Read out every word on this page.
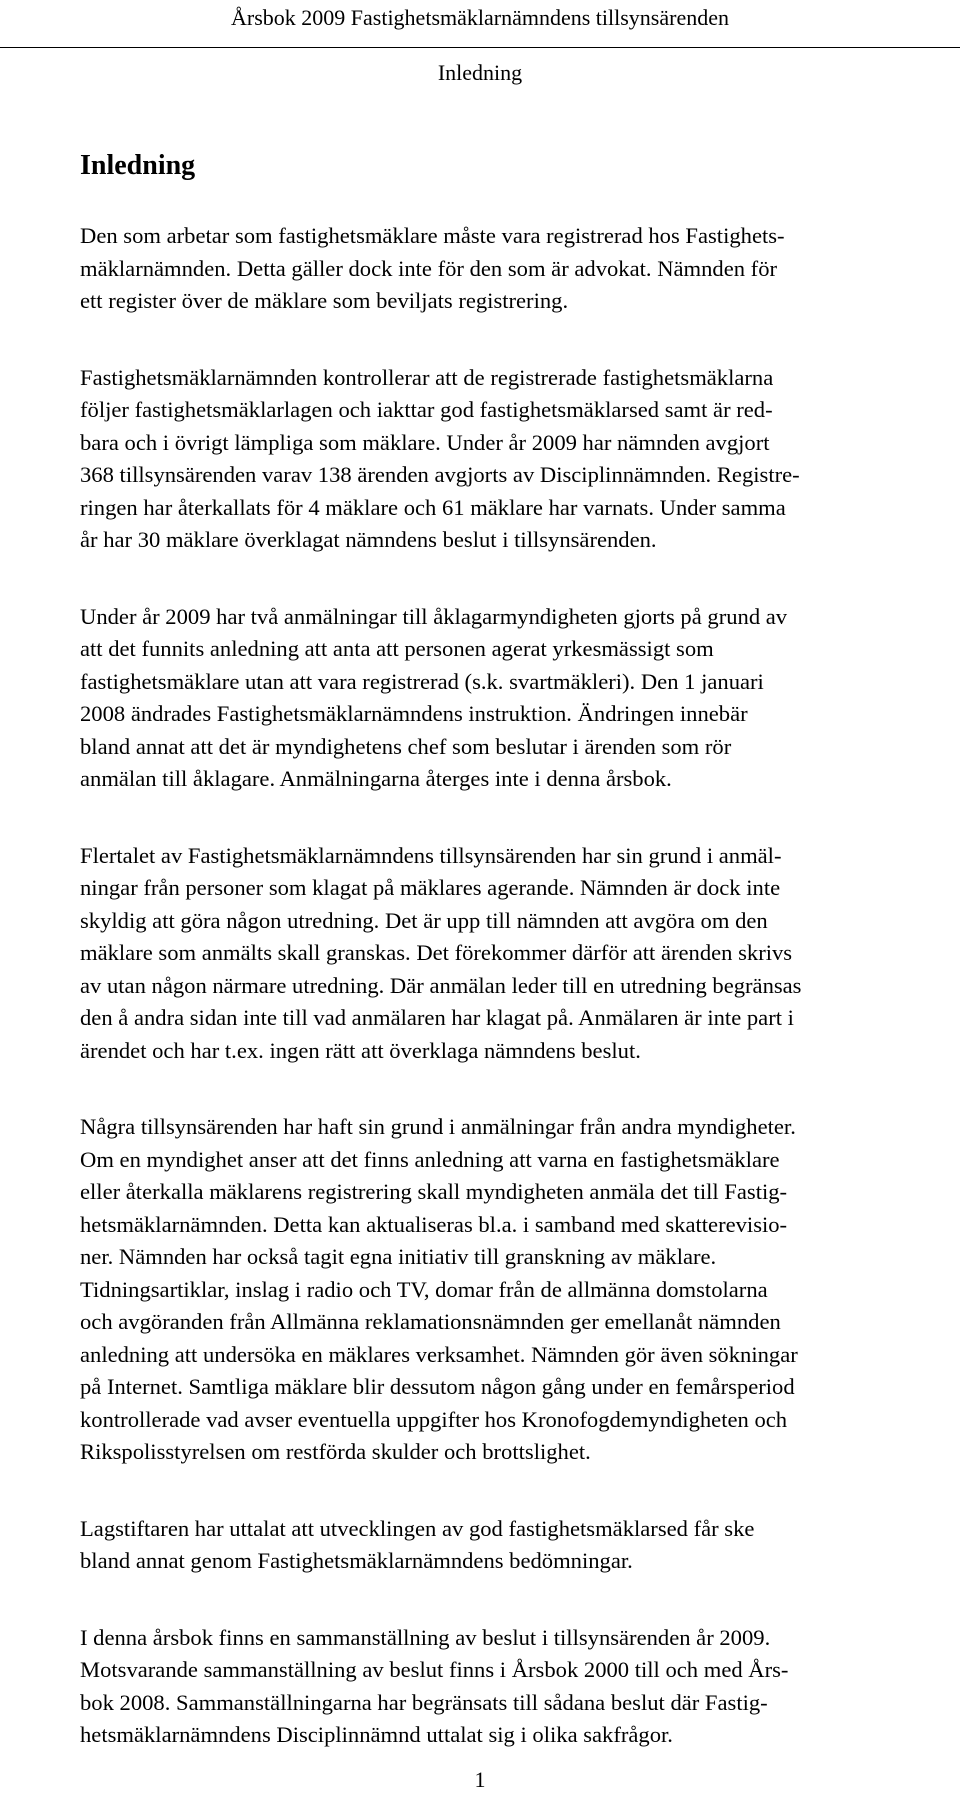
Årsbok 2009 Fastighetsmäklarnämndens tillsynsärenden
Inledning
Inledning

Den som arbetar som fastighetsmäklare måste vara registrerad hos Fastighets-
mäklarnämnden. Detta gäller dock inte för den som är advokat. Nämnden för
ett register över de mäklare som beviljats registrering.

Fastighetsmäklarnämnden kontrollerar att de registrerade fastighetsmäklarna
följer fastighetsmäklarlagen och iakttar god fastighetsmäklarsed samt är red-
bara och i övrigt lämpliga som mäklare. Under år 2009 har nämnden avgjort
368 tillsynsärenden varav 138 ärenden avgjorts av Disciplinnämnden. Registre-
ringen har återkallats för 4 mäklare och 61 mäklare har varnats. Under samma
år har 30 mäklare överklagat nämndens beslut i tillsynsärenden.

Under år 2009 har två anmälningar till åklagarmyndigheten gjorts på grund av
att det funnits anledning att anta att personen agerat yrkesmässigt som
fastighetsmäklare utan att vara registrerad (s.k. svartmäkleri). Den 1 januari
2008 ändrades Fastighetsmäklarnämndens instruktion. Ändringen innebär
bland annat att det är myndighetens chef som beslutar i ärenden som rör
anmälan till åklagare. Anmälningarna återges inte i denna årsbok.

Flertalet av Fastighetsmäklarnämndens tillsynsärenden har sin grund i anmäl-
ningar från personer som klagat på mäklares agerande. Nämnden är dock inte
skyldig att göra någon utredning. Det är upp till nämnden att avgöra om den
mäklare som anmälts skall granskas. Det förekommer därför att ärenden skrivs
av utan någon närmare utredning. Där anmälan leder till en utredning begränsas
den å andra sidan inte till vad anmälaren har klagat på. Anmälaren är inte part i
ärendet och har t.ex. ingen rätt att överklaga nämndens beslut.

Några tillsynsärenden har haft sin grund i anmälningar från andra myndigheter.
Om en myndighet anser att det finns anledning att varna en fastighetsmäklare
eller återkalla mäklarens registrering skall myndigheten anmäla det till Fastig-
hetsmäklarnämnden. Detta kan aktualiseras bl.a. i samband med skatterevisio-
ner. Nämnden har också tagit egna initiativ till granskning av mäklare.
Tidningsartiklar, inslag i radio och TV, domar från de allmänna domstolarna
och avgöranden från Allmänna reklamationsnämnden ger emellanåt nämnden
anledning att undersöka en mäklares verksamhet. Nämnden gör även sökningar
på Internet. Samtliga mäklare blir dessutom någon gång under en femårsperiod
kontrollerade vad avser eventuella uppgifter hos Kronofogdemyndigheten och
Rikspolisstyrelsen om restförda skulder och brottslighet.

Lagstiftaren har uttalat att utvecklingen av god fastighetsmäklarsed får ske
bland annat genom Fastighetsmäklarnämndens bedömningar.

I denna årsbok finns en sammanställning av beslut i tillsynsärenden år 2009.
Motsvarande sammanställning av beslut finns i Årsbok 2000 till och med Års-
bok 2008. Sammanställningarna har begränsats till sådana beslut där Fastig-
hetsmäklarnämndens Disciplinnämnd uttalat sig i olika sakfrågor.

1
